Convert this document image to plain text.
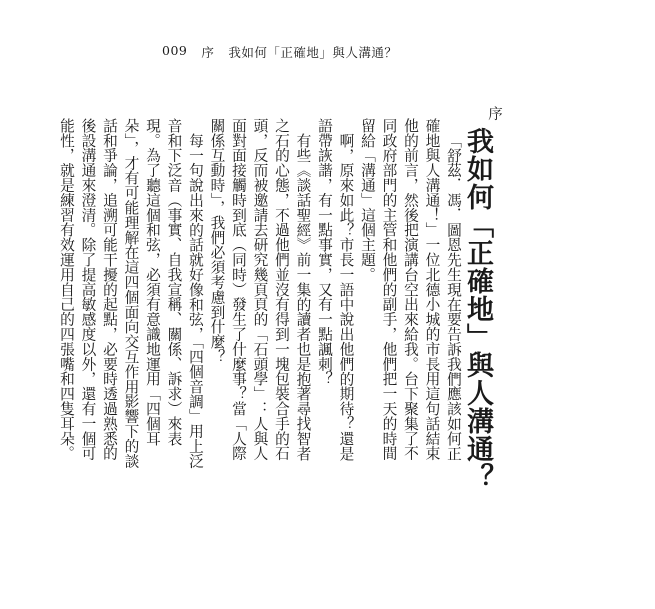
009 序 我如何「正確地」與人溝通？
序
我如何「正確地」與人溝通？

「舒茲．馮．圖恩先生現在要告訴我們應該如何正確地與人溝通！」一位北德小城的市長用這句話結束他的前言，然後把演講台空出來給我。台下聚集了不同政府部門的主管和他們的副手，他們把一天的時間留給「溝通」這個主題。

啊，原來如此？市長一語中說出他們的期待？還是語帶詼諧，有一點事實，又有一點諷刺？

有些《談話聖經》前一集的讀者也是抱著尋找智者之石的心態，不過他們並沒有得到一塊包裝合手的石頭，反而被邀請去研究幾頁頁的「石頭學」：人與人面對面接觸時到底（同時）發生了什麼事？當「人際關係互動時」，我們必須考慮到什麼？

每一句說出來的話就好像和弦，「四個音調」用上泛音和下泛音（事實、自我宣稱、關係、訴求）來表現。為了聽這個和弦，必須有意識地運用「四個耳朵」，才有可能理解在這四個面向交互作用影響下的談話和爭論，追溯可能干擾的起點，必要時透過熟悉的後設溝通來澄清。除了提高敏感度以外，還有一個可能性，就是練習有效運用自己的四張嘴和四隻耳朵。
